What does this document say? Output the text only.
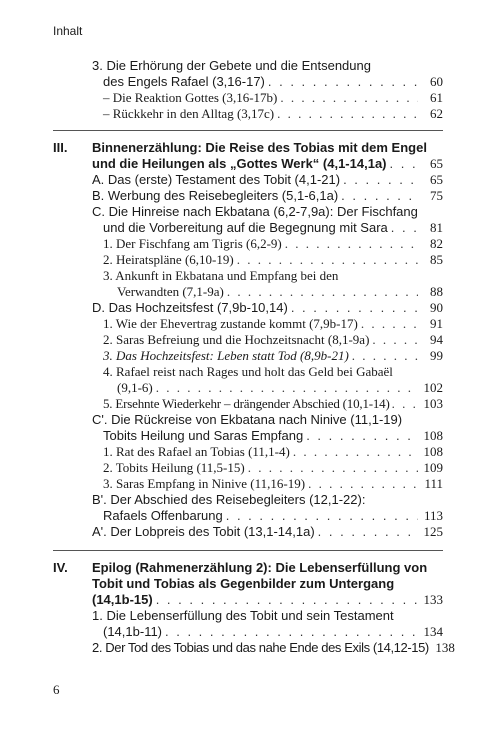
Inhalt
3. Die Erhörung der Gebete und die Entsendung
des Engels Rafael (3,16-17) . . .	60
– Die Reaktion Gottes (3,16-17b) . . .	61
– Rückkehr in den Alltag (3,17c) . . .	62
III. Binnenerzählung: Die Reise des Tobias mit dem Engel
und die Heilungen als „Gottes Werk“ (4,1-14,1a) . . .	65
A. Das (erste) Testament des Tobit (4,1-21) . . .	65
B. Werbung des Reisebegleiters (5,1-6,1a) . . .	75
C. Die Hinreise nach Ekbatana (6,2-7,9a): Der Fischfang
und die Vorbereitung auf die Begegnung mit Sara . . .	81
1. Der Fischfang am Tigris (6,2-9) . . .	82
2. Heiratspläne (6,10-19) . . .	85
3. Ankunft in Ekbatana und Empfang bei den
Verwandten (7,1-9a) . . .	88
D. Das Hochzeitsfest (7,9b-10,14) . . .	90
1. Wie der Ehevertrag zustande kommt (7,9b-17) . . .	91
2. Saras Befreiung und die Hochzeitsnacht (8,1-9a) . . .	94
3. Das Hochzeitsfest: Leben statt Tod (8,9b-21) . . .	99
4. Rafael reist nach Rages und holt das Geld bei Gabaël
(9,1-6) . . .	102
5. Ersehnte Wiederkehr – drängender Abschied (10,1-14) . . .	103
C'. Die Rückreise von Ekbatana nach Ninive (11,1-19)
Tobits Heilung und Saras Empfang . . .	108
1. Rat des Rafael an Tobias (11,1-4) . . .	108
2. Tobits Heilung (11,5-15) . . .	109
3. Saras Empfang in Ninive (11,16-19) . . .	111
B'. Der Abschied des Reisebegleiters (12,1-22):
Rafaels Offenbarung . . .	113
A'. Der Lobpreis des Tobit (13,1-14,1a) . . .	125
IV. Epilog (Rahmenerzählung 2): Die Lebenserfüllung von
Tobit und Tobias als Gegenbilder zum Untergang
(14,1b-15) . . .	133
1. Die Lebenserfüllung des Tobit und sein Testament
(14,1b-11) . . .	134
2. Der Tod des Tobias und das nahe Ende des Exils (14,12-15) 138
6
